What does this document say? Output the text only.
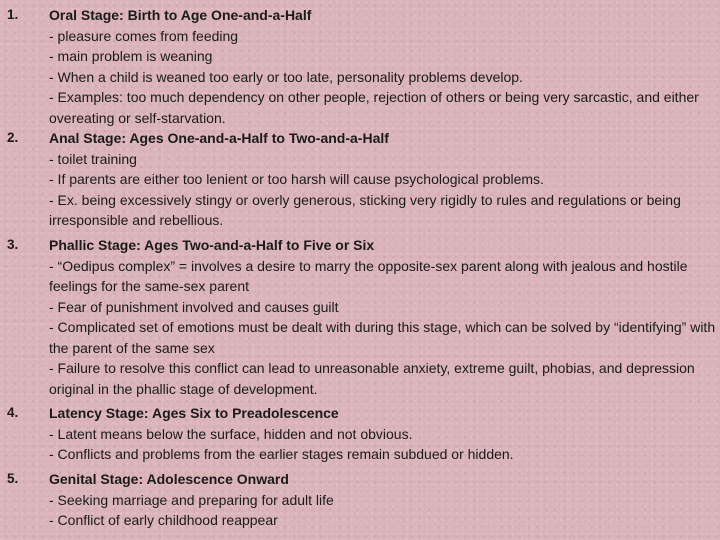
1. Oral Stage: Birth to Age One-and-a-Half
- pleasure comes from feeding
- main problem is weaning
- When a child is weaned too early or too late, personality problems develop.
- Examples: too much dependency on other people, rejection of others or being very sarcastic, and either overeating or self-starvation.
2. Anal Stage: Ages One-and-a-Half to Two-and-a-Half
- toilet training
- If parents are either too lenient or too harsh will cause psychological problems.
- Ex. being excessively stingy or overly generous, sticking very rigidly to rules and regulations or being irresponsible and rebellious.
3. Phallic Stage: Ages Two-and-a-Half to Five or Six
- “Oedipus complex” = involves a desire to marry the opposite-sex parent along with jealous and hostile feelings for the same-sex parent
- Fear of punishment involved and causes guilt
- Complicated set of emotions must be dealt with during this stage, which can be solved by “identifying” with the parent of the same sex
- Failure to resolve this conflict can lead to unreasonable anxiety, extreme guilt, phobias, and depression original in the phallic stage of development.
4. Latency Stage: Ages Six to Preadolescence
- Latent means below the surface, hidden and not obvious.
- Conflicts and problems from the earlier stages remain subdued or hidden.
5. Genital Stage: Adolescence Onward
- Seeking marriage and preparing for adult life
- Conflict of early childhood reappear
